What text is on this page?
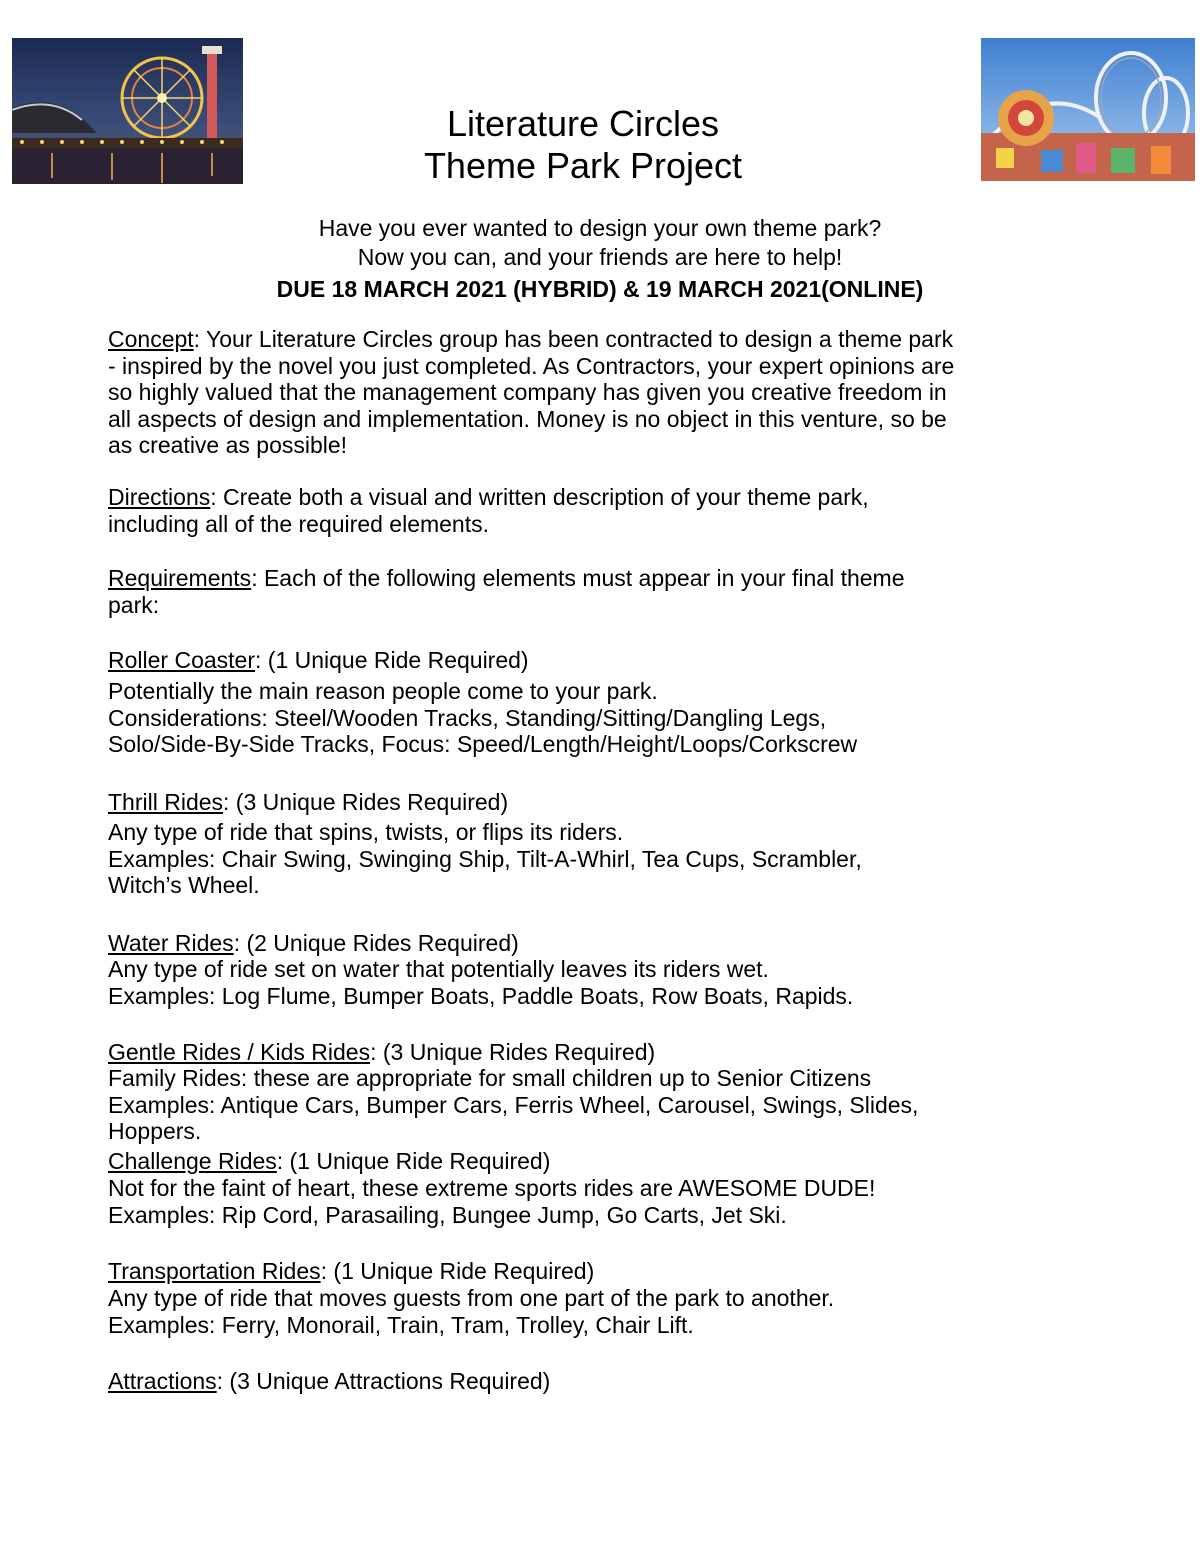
Literature Circles
Theme Park Project
Have you ever wanted to design your own theme park?
Now you can, and your friends are here to help!
DUE 18 MARCH 2021 (HYBRID) & 19 MARCH 2021(ONLINE)
Concept: Your Literature Circles group has been contracted to design a theme park
- inspired by the novel you just completed. As Contractors, your expert opinions are
so highly valued that the management company has given you creative freedom in
all aspects of design and implementation. Money is no object in this venture, so be
as creative as possible!
Directions: Create both a visual and written description of your theme park,
including all of the required elements.
Requirements: Each of the following elements must appear in your final theme
park:
Roller Coaster: (1 Unique Ride Required)
Potentially the main reason people come to your park.
Considerations: Steel/Wooden Tracks, Standing/Sitting/Dangling Legs,
Solo/Side-By-Side Tracks, Focus: Speed/Length/Height/Loops/Corkscrew
Thrill Rides: (3 Unique Rides Required)
Any type of ride that spins, twists, or flips its riders.
Examples: Chair Swing, Swinging Ship, Tilt-A-Whirl, Tea Cups, Scrambler,
Witch’s Wheel.
Water Rides: (2 Unique Rides Required)
Any type of ride set on water that potentially leaves its riders wet.
Examples: Log Flume, Bumper Boats, Paddle Boats, Row Boats, Rapids.
Gentle Rides / Kids Rides: (3 Unique Rides Required)
Family Rides: these are appropriate for small children up to Senior Citizens
Examples: Antique Cars, Bumper Cars, Ferris Wheel, Carousel, Swings, Slides,
Hoppers.
Challenge Rides: (1 Unique Ride Required)
Not for the faint of heart, these extreme sports rides are AWESOME DUDE!
Examples: Rip Cord, Parasailing, Bungee Jump, Go Carts, Jet Ski.
Transportation Rides: (1 Unique Ride Required)
Any type of ride that moves guests from one part of the park to another.
Examples: Ferry, Monorail, Train, Tram, Trolley, Chair Lift.
Attractions: (3 Unique Attractions Required)
